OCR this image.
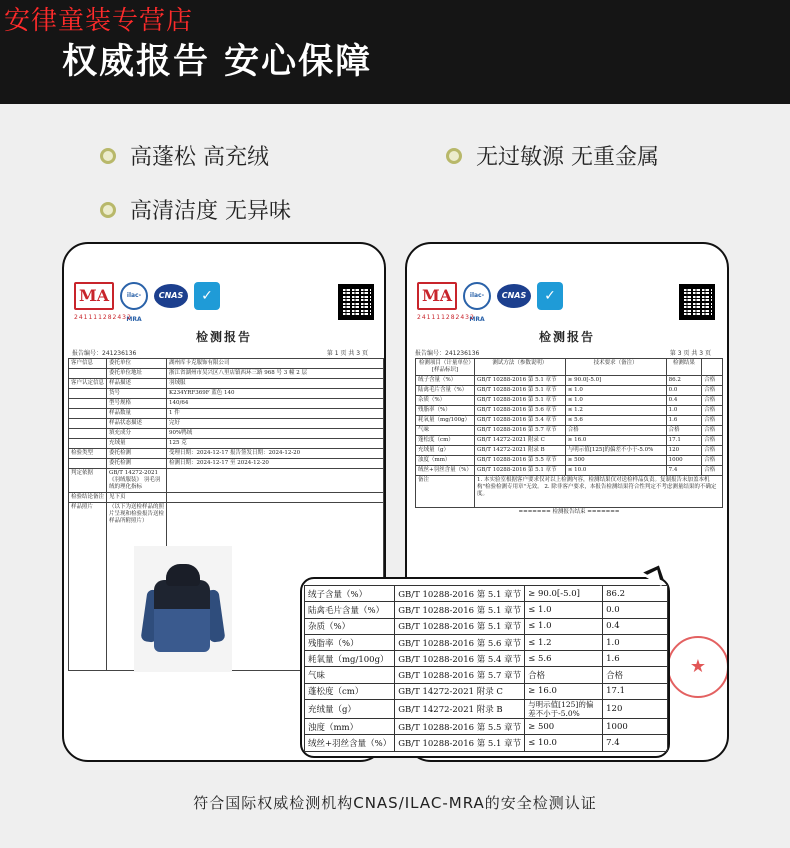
安律童装专营店
权威报告 安心保障
高蓬松 高充绒	无过敏源 无重金属
高清洁度 无异味
MA	ilac-MRA
CNAS	✓
241111282432
检测报告
报告编号：241236136	第 1 页 共 3 页
客户信息	委托单位	湖州库卡克服饰有限公司
	委托单位地址	浙江省湖州市吴兴区八里店镇西环三路 968 号 3 幢 2 层
客户认定信息	样品描述	羽绒服
	货号	K234YRF369F 蓝色 140
	型号规格	140/64
	样品数量	1 件
	样品状态描述	完好
	填充成分	90%鸭绒
	充绒量	125 克
检验类型	委托检测	受理日期：2024-12-17 报告签发日期：2024-12-20
	委托检测	检测日期：2024-12-17 至 2024-12-20
判定依据	GB/T 14272-2021 《羽绒服装》 羽毛羽绒的理化指标	
检验结论备注	见下页	
样品照片	（以下为送检样品的照片呈现和检验报告送检样品所附照片）	
MA	ilac-MRA
CNAS	✓
241111282432
检测报告
报告编号：241236136	第 3 页 共 3 页
检测项目（计量单位）[样品标识]	测试方法（参数说明）	技术要求（备注）	检测结果	
绒子含量（%）	GB/T 10288-2016 第 5.1 章节	≥ 90.0[-5.0]	86.2	合格
陆禽毛片含量（%）	GB/T 10288-2016 第 5.1 章节	≤ 1.0	0.0	合格
杂质（%）	GB/T 10288-2016 第 5.1 章节	≤ 1.0	0.4	合格
残脂率（%）	GB/T 10288-2016 第 5.6 章节	≤ 1.2	1.0	合格
耗氧量（mg/100g）	GB/T 10288-2016 第 5.4 章节	≤ 5.6	1.6	合格
气味	GB/T 10288-2016 第 5.7 章节	合格	合格	合格
蓬松度（cm）	GB/T 14272-2021 附录 C	≥ 16.0	17.1	合格
充绒量（g）	GB/T 14272-2021 附录 B	与明示值[125]的偏差不小于-5.0%	120	合格
浊度（mm）	GB/T 10288-2016 第 5.5 章节	≥ 500	1000	合格
绒丝+羽丝含量（%）	GB/T 10288-2016 第 5.1 章节	≤ 10.0	7.4	合格
备注	1. 本实验室根据客户要求仅对以上检测内容，检测结果仅对送检样品负责。复制报告未加盖本机构"检验检测专用章"无效。 2. 除非客户要求，本报告检测结果符合性判定不考虑测量结果的不确定度。			
======= 检测报告结束 =======				
★
绒子含量（%）	GB/T 10288-2016 第 5.1 章节	≥ 90.0[-5.0]	86.2
陆禽毛片含量（%）	GB/T 10288-2016 第 5.1 章节	≤ 1.0	0.0
杂质（%）	GB/T 10288-2016 第 5.1 章节	≤ 1.0	0.4
残脂率（%）	GB/T 10288-2016 第 5.6 章节	≤ 1.2	1.0
耗氧量（mg/100g）	GB/T 10288-2016 第 5.4 章节	≤ 5.6	1.6
气味	GB/T 10288-2016 第 5.7 章节	合格	合格
蓬松度（cm）	GB/T 14272-2021 附录 C	≥ 16.0	17.1
充绒量（g）	GB/T 14272-2021 附录 B	与明示值[125]的偏差不小于-5.0%	120
浊度（mm）	GB/T 10288-2016 第 5.5 章节	≥ 500	1000
绒丝+羽丝含量（%）	GB/T 10288-2016 第 5.1 章节	≤ 10.0	7.4
符合国际权威检测机构CNAS/ILAC-MRA的安全检测认证
